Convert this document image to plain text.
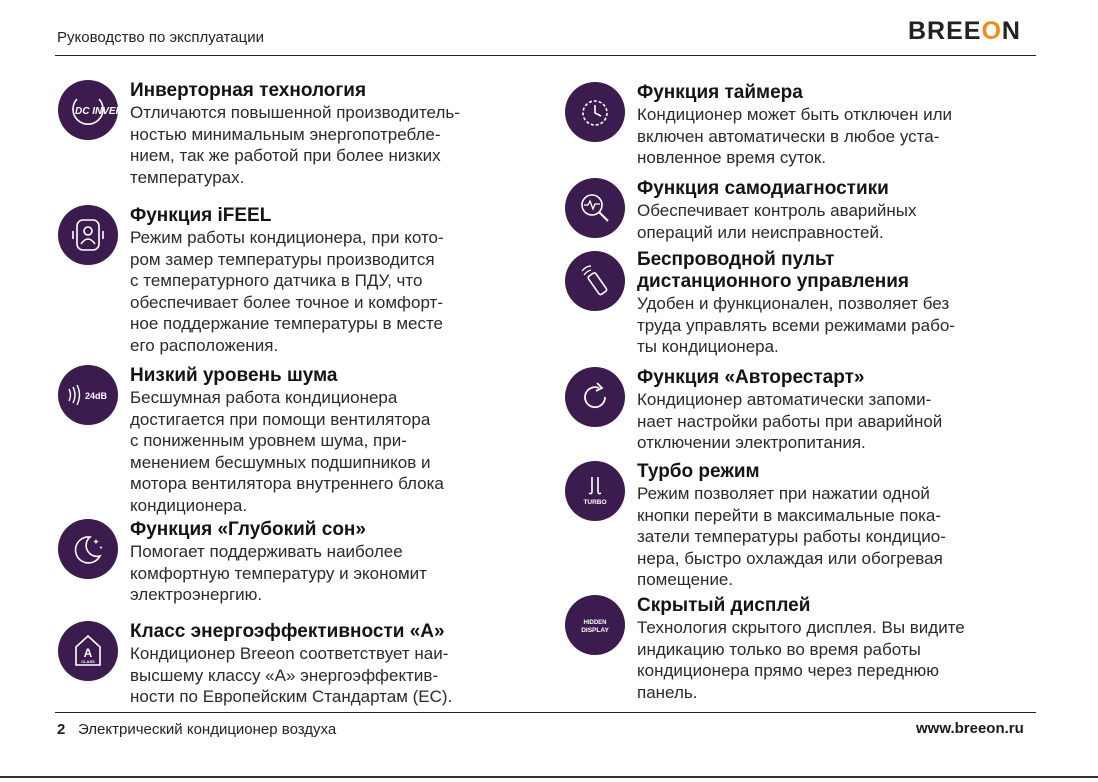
Руководство по эксплуатации	BREEON
DC INVERTER
Инверторная технология
Отличаются повышенной производитель-
ностью минимальным энергопотребле-
нием, так же работой при более низких
температурах.
Функция iFEEL
Режим работы кондиционера, при кото-
ром замер температуры производится
с температурного датчика в ПДУ, что
обеспечивает более точное и комфорт-
ное поддержание температуры в месте
его расположения.
24dB
Низкий уровень шума
Бесшумная работа кондиционера
достигается при помощи вентилятора
с пониженным уровнем шума, при-
менением бесшумных подшипников и
мотора вентилятора внутреннего блока
кондиционера.
Функция «Глубокий сон»
Помогает поддерживать наиболее
комфортную температуру и экономит
электроэнергию.
A
CLASS
Класс энергоэффективности «А»
Кондиционер Breeon соответствует наи-
высшему классу «А» энергоэффектив-
ности по Европейским Стандартам (ЕС).
Функция таймера
Кондиционер может быть отключен или
включен автоматически в любое уста-
новленное время суток.
Функция самодиагностики
Обеспечивает контроль аварийных
операций или неисправностей.
Беспроводной пульт
дистанционного управления
Удобен и функционален, позволяет без
труда управлять всеми режимами рабо-
ты кондиционера.
Функция «Авторестарт»
Кондиционер автоматически запоми-
нает настройки работы при аварийной
отключении электропитания.
TURBO
Турбо режим
Режим позволяет при нажатии одной
кнопки перейти в максимальные пока-
затели температуры работы кондицио-
нера, быстро охлаждая или обогревая
помещение.
HIDDEN
DISPLAY
Скрытый дисплей
Технология скрытого дисплея. Вы видите
индикацию только во время работы
кондиционера прямо через переднюю
панель.
2 Электрический кондиционер воздуха	www.breeon.ru
